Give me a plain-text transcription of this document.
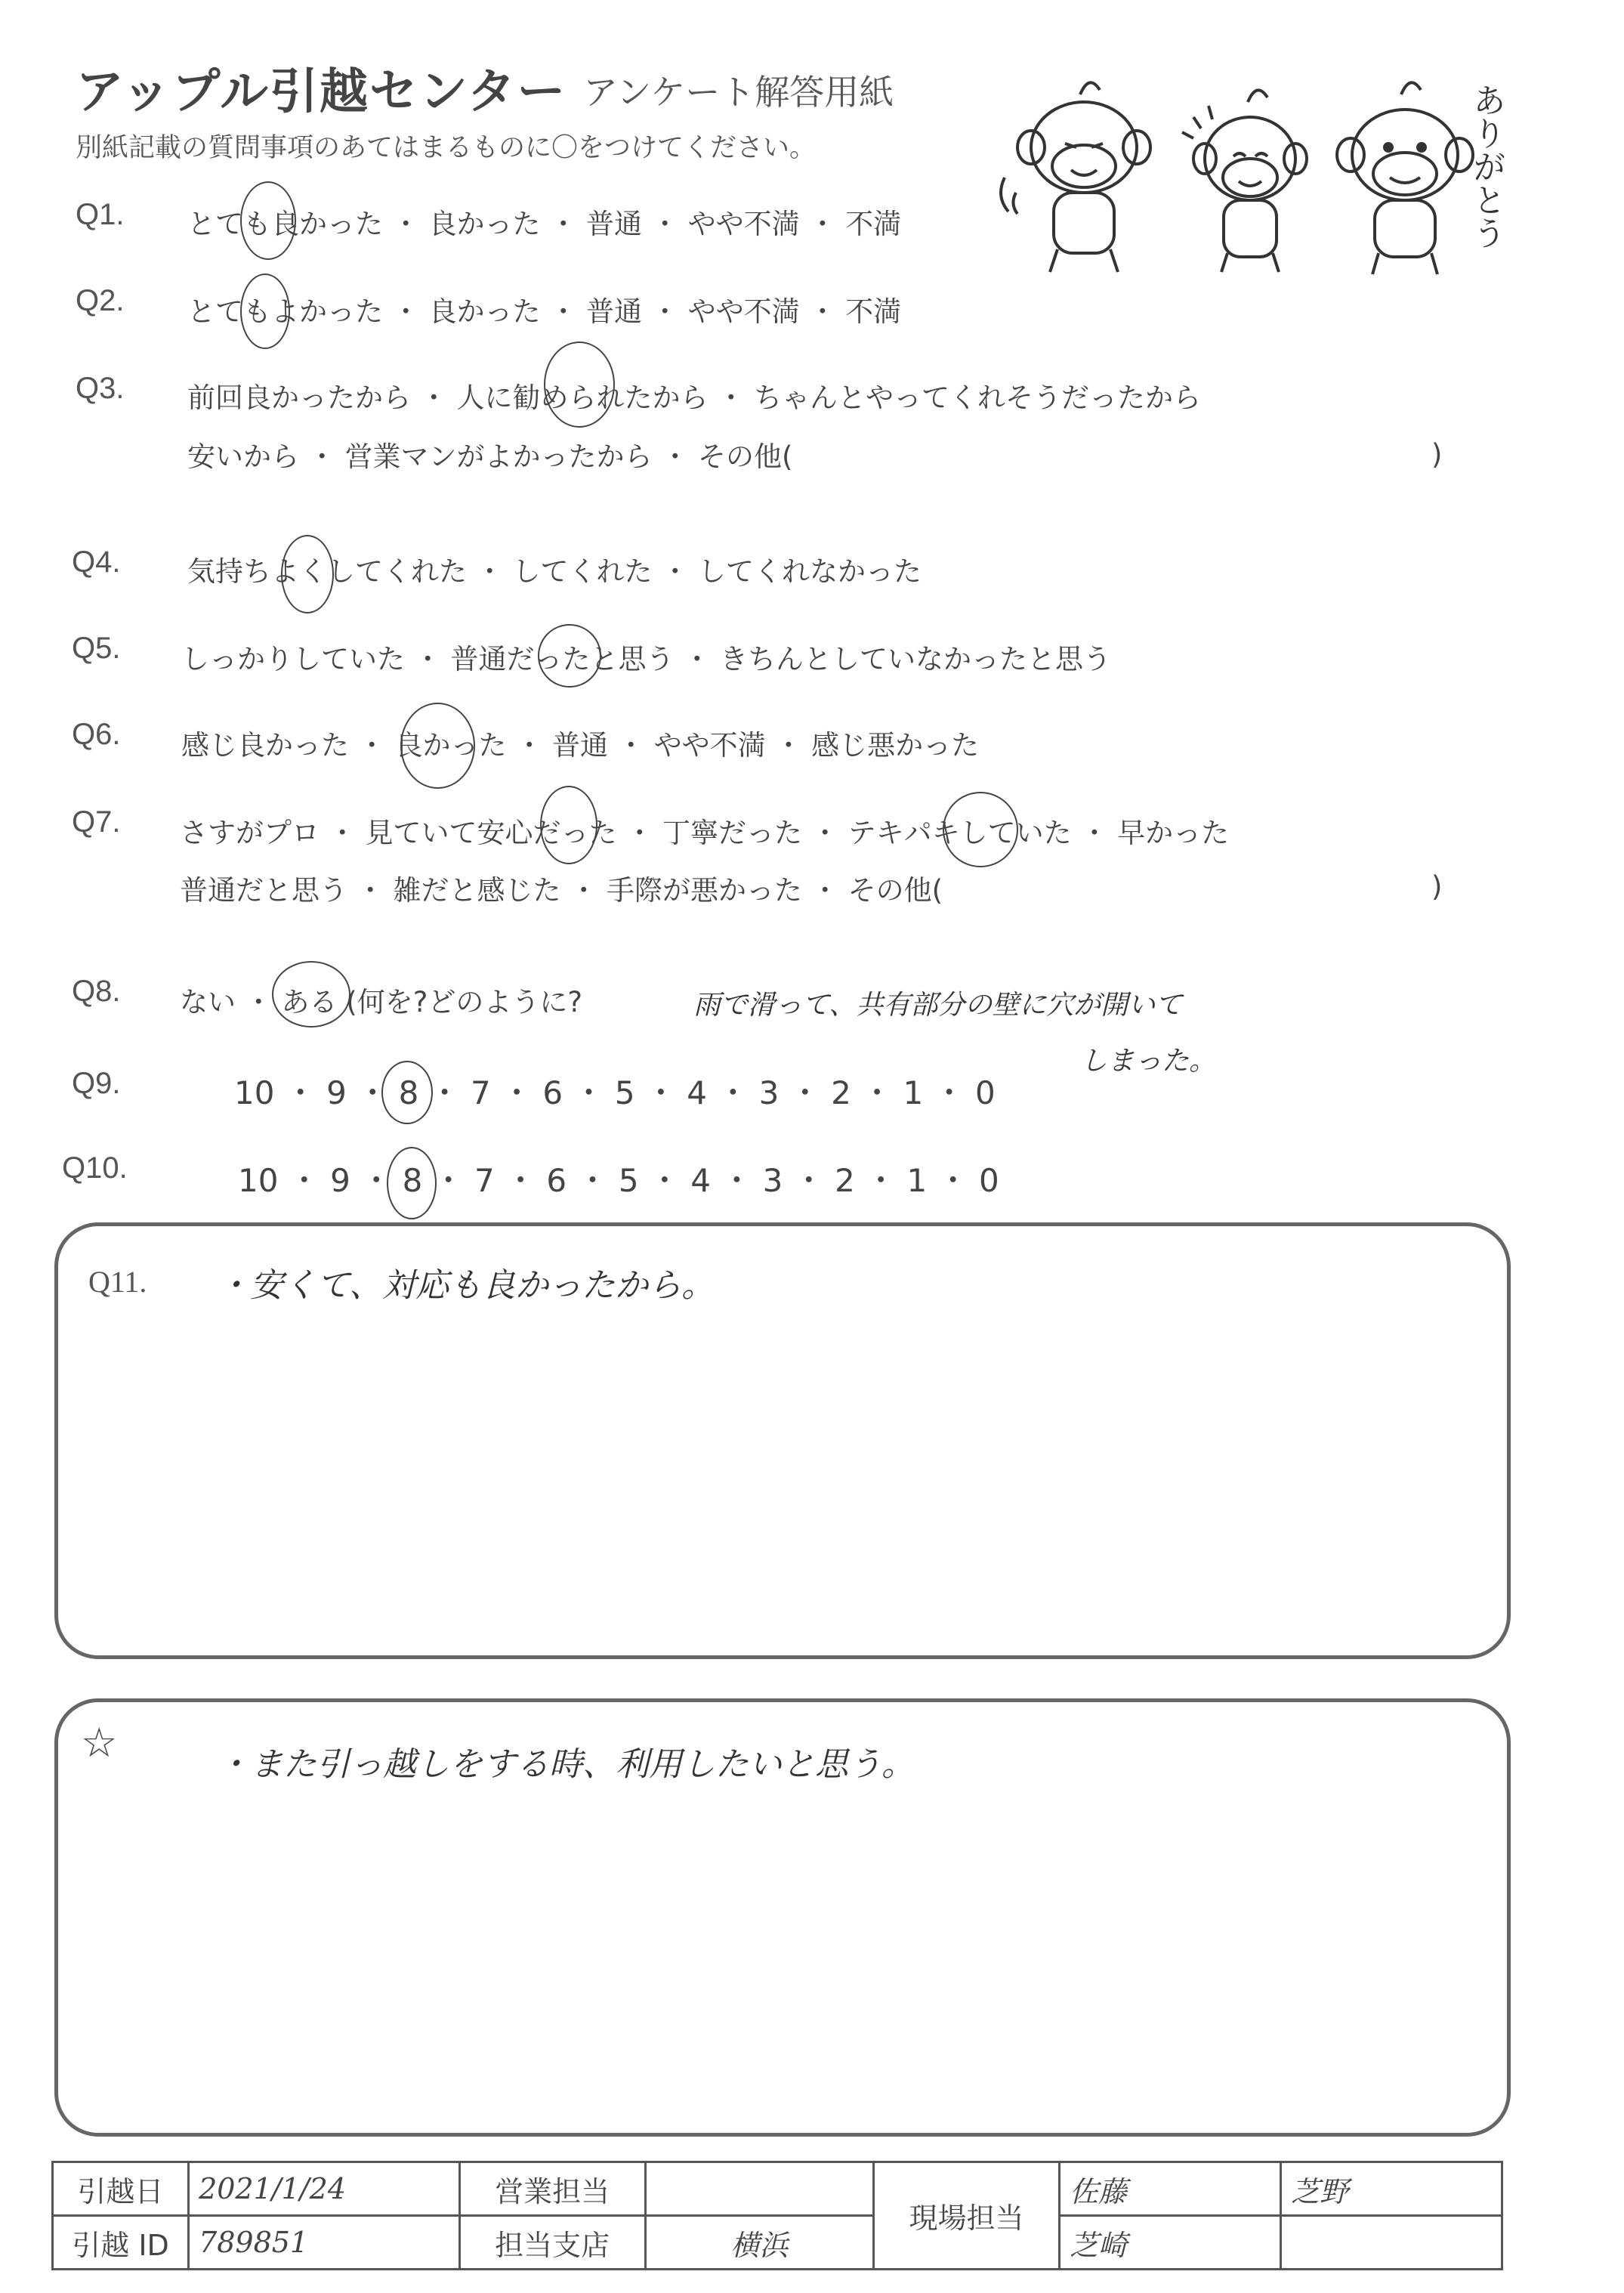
アップル引越センター アンケート解答用紙
別紙記載の質問事項のあてはまるものに〇をつけてください。	ありがとう
Q1. とても良かった ・ 良かった ・ 普通 ・ やや不満 ・ 不満
Q2. とてもよかった ・ 良かった ・ 普通 ・ やや不満 ・ 不満
Q3. 前回良かったから ・ 人に勧められたから ・ ちゃんとやってくれそうだったから
安いから ・ 営業マンがよかったから ・ その他(	)
Q4. 気持ちよくしてくれた ・ してくれた ・ してくれなかった
Q5. しっかりしていた ・ 普通だったと思う ・ きちんとしていなかったと思う
Q6. 感じ良かった ・ 良かった ・ 普通 ・ やや不満 ・ 感じ悪かった
Q7. さすがプロ ・ 見ていて安心だった ・ 丁寧だった ・ テキパキしていた ・ 早かった
普通だと思う ・ 雑だと感じた ・ 手際が悪かった ・ その他(	)
Q8. ない ・ ある (何を?どのように?	雨で滑って、共有部分の壁に穴が開いて
しまった。
Q9.	10 ・ 9 ・ 8 ・ 7 ・ 6 ・ 5 ・ 4 ・ 3 ・ 2 ・ 1 ・ 0
Q10.	10 ・ 9 ・ 8 ・ 7 ・ 6 ・ 5 ・ 4 ・ 3 ・ 2 ・ 1 ・ 0
Q11. ・安くて、対応も良かったから。
☆	・また引っ越しをする時、利用したいと思う。
引越日	2021/1/24	営業担当		現場担当	佐藤	芝野
引越 ID	789851	担当支店	横浜		芝崎	
